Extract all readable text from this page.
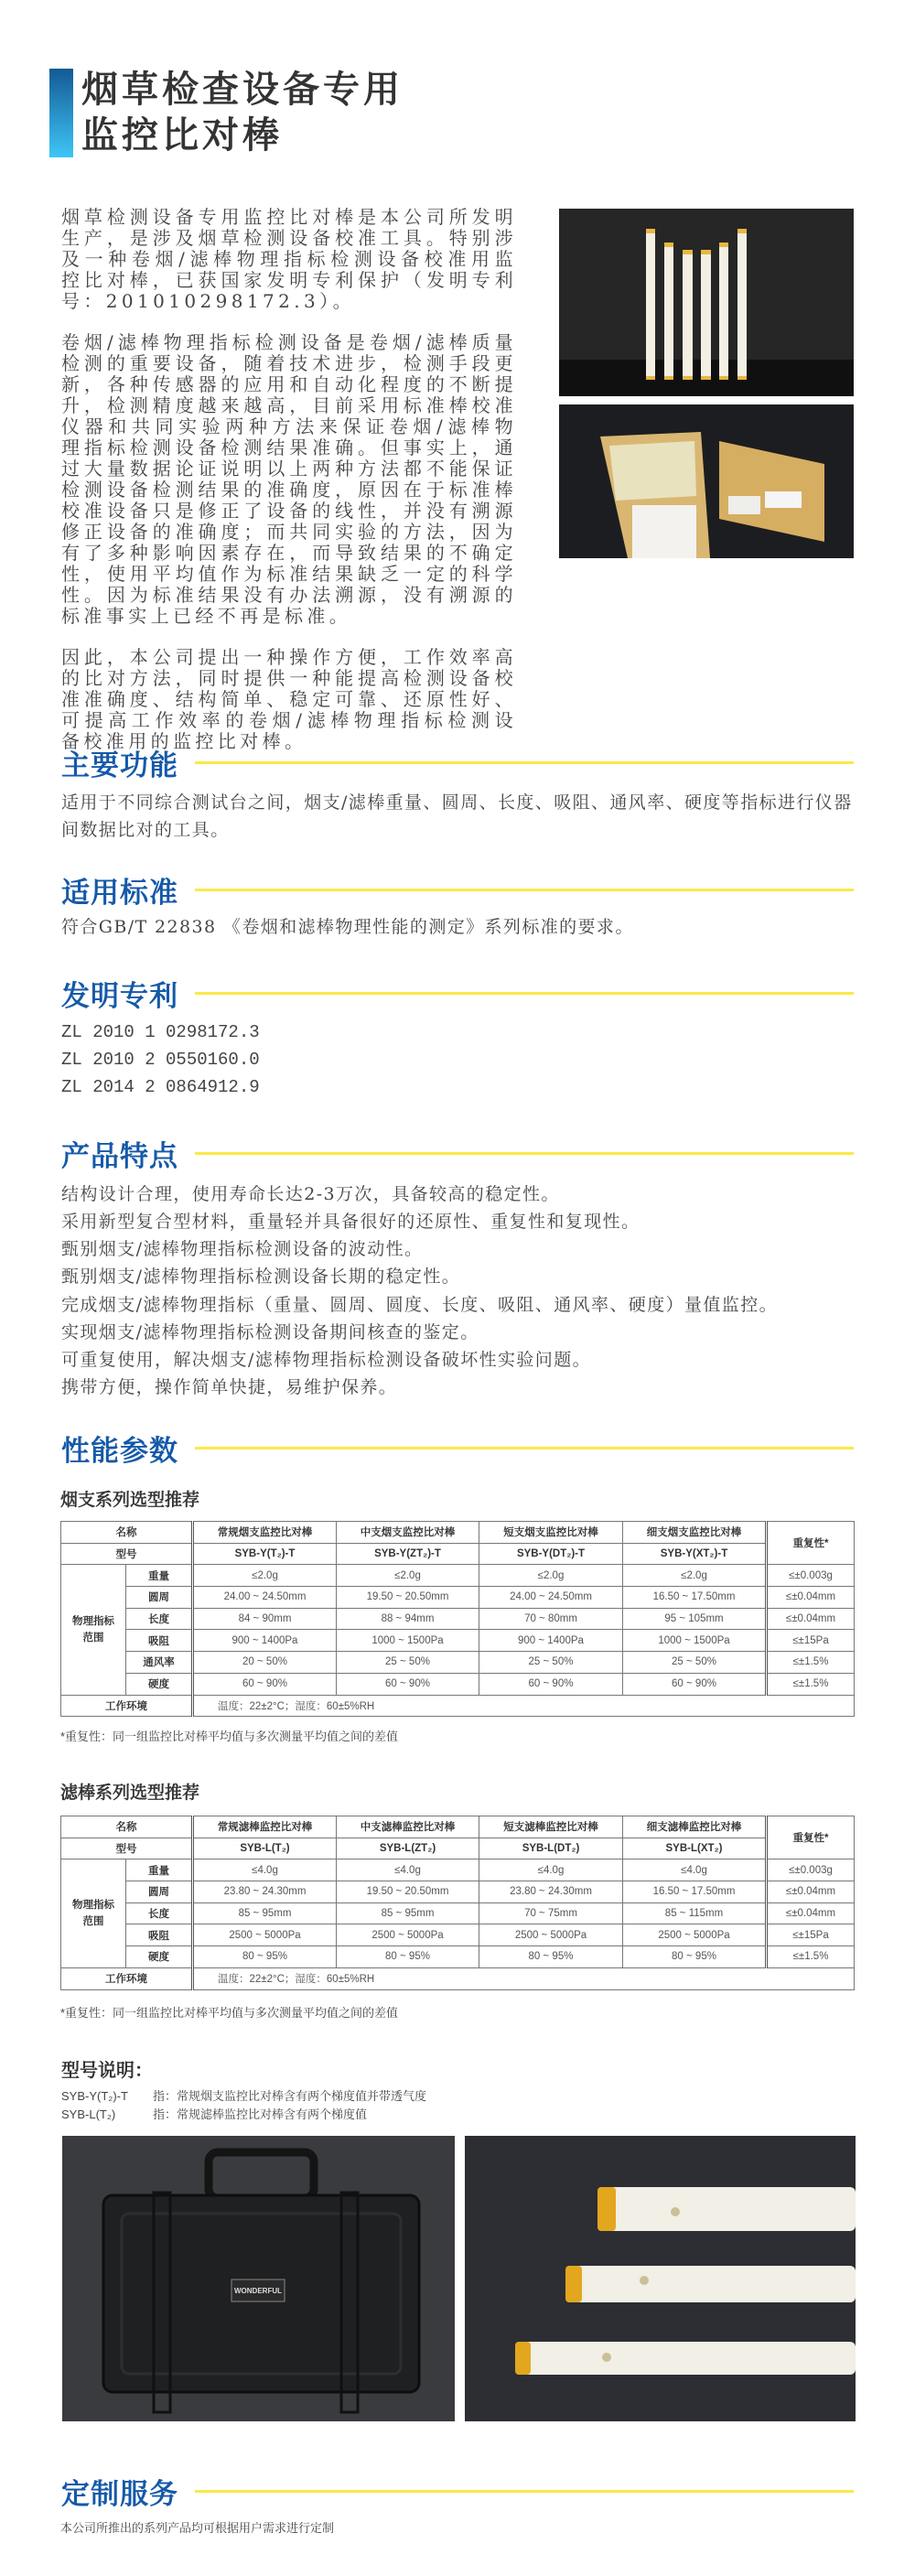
烟草检查设备专用
监控比对棒
烟草检测设备专用监控比对棒是本公司所发明生产，是涉及烟草检测设备校准工具。特别涉及一种卷烟/滤棒物理指标检测设备校准用监控比对棒，已获国家发明专利保护（发明专利号：201010298172.3）。
卷烟/滤棒物理指标检测设备是卷烟/滤棒质量检测的重要设备，随着技术进步，检测手段更新，各种传感器的应用和自动化程度的不断提升，检测精度越来越高，目前采用标准棒校准仪器和共同实验两种方法来保证卷烟/滤棒物理指标检测设备检测结果准确。但事实上，通过大量数据论证说明以上两种方法都不能保证检测设备检测结果的准确度，原因在于标准棒校准设备只是修正了设备的线性，并没有溯源修正设备的准确度；而共同实验的方法，因为有了多种影响因素存在，而导致结果的不确定性，使用平均值作为标准结果缺乏一定的科学性。因为标准结果没有办法溯源，没有溯源的标准事实上已经不再是标准。
因此，本公司提出一种操作方便，工作效率高的比对方法，同时提供一种能提高检测设备校准准确度、结构简单、稳定可靠、还原性好、可提高工作效率的卷烟/滤棒物理指标检测设备校准用的监控比对棒。
主要功能
适用于不同综合测试台之间，烟支/滤棒重量、圆周、长度、吸阻、通风率、硬度等指标进行仪器
间数据比对的工具。
适用标准
符合GB/T 22838 《卷烟和滤棒物理性能的测定》系列标准的要求。
发明专利
ZL 2010 1 0298172.3
ZL 2010 2 0550160.0
ZL 2014 2 0864912.9
产品特点
结构设计合理，使用寿命长达2-3万次，具备较高的稳定性。
采用新型复合型材料，重量轻并具备很好的还原性、重复性和复现性。
甄别烟支/滤棒物理指标检测设备的波动性。
甄别烟支/滤棒物理指标检测设备长期的稳定性。
完成烟支/滤棒物理指标（重量、圆周、圆度、长度、吸阻、通风率、硬度）量值监控。
实现烟支/滤棒物理指标检测设备期间核查的鉴定。
可重复使用，解决烟支/滤棒物理指标检测设备破坏性实验问题。
携带方便，操作简单快捷，易维护保养。
性能参数
烟支系列选型推荐
名称		常规烟支监控比对棒	中支烟支监控比对棒	短支烟支监控比对棒	细支烟支监控比对棒	重复性*
型号		SYB-Y(T₂)-T	SYB-Y(ZT₂)-T	SYB-Y(DT₂)-T	SYB-Y(XT₂)-T	
物理指标范围	重量	≤2.0g	≤2.0g	≤2.0g	≤2.0g	≤±0.003g
	圆周	24.00 ~ 24.50mm	19.50 ~ 20.50mm	24.00 ~ 24.50mm	16.50 ~ 17.50mm	≤±0.04mm
	长度	84 ~ 90mm	88 ~ 94mm	70 ~ 80mm	95 ~ 105mm	≤±0.04mm
	吸阻	900 ~ 1400Pa	1000 ~ 1500Pa	900 ~ 1400Pa	1000 ~ 1500Pa	≤±15Pa
	通风率	20 ~ 50%	25 ~ 50%	25 ~ 50%	25 ~ 50%	≤±1.5%
	硬度	60 ~ 90%	60 ~ 90%	60 ~ 90%	60 ~ 90%	≤±1.5%
工作环境		温度：22±2°C；湿度：60±5%RH				
*重复性：同一组监控比对棒平均值与多次测量平均值之间的差值
滤棒系列选型推荐
名称		常规滤棒监控比对棒	中支滤棒监控比对棒	短支滤棒监控比对棒	细支滤棒监控比对棒	重复性*
型号		SYB-L(T₂)	SYB-L(ZT₂)	SYB-L(DT₂)	SYB-L(XT₂)	
物理指标范围	重量	≤4.0g	≤4.0g	≤4.0g	≤4.0g	≤±0.003g
	圆周	23.80 ~ 24.30mm	19.50 ~ 20.50mm	23.80 ~ 24.30mm	16.50 ~ 17.50mm	≤±0.04mm
	长度	85 ~ 95mm	85 ~ 95mm	70 ~ 75mm	85 ~ 115mm	≤±0.04mm
	吸阻	2500 ~ 5000Pa	2500 ~ 5000Pa	2500 ~ 5000Pa	2500 ~ 5000Pa	≤±15Pa
	硬度	80 ~ 95%	80 ~ 95%	80 ~ 95%	80 ~ 95%	≤±1.5%
工作环境		温度：22±2°C；湿度：60±5%RH				
*重复性：同一组监控比对棒平均值与多次测量平均值之间的差值
型号说明：
SYB-Y(T₂)-T 指：常规烟支监控比对棒含有两个梯度值并带透气度
SYB-L(T₂)	指：常规滤棒监控比对棒含有两个梯度值
WONDERFUL
定制服务
本公司所推出的系列产品均可根据用户需求进行定制
